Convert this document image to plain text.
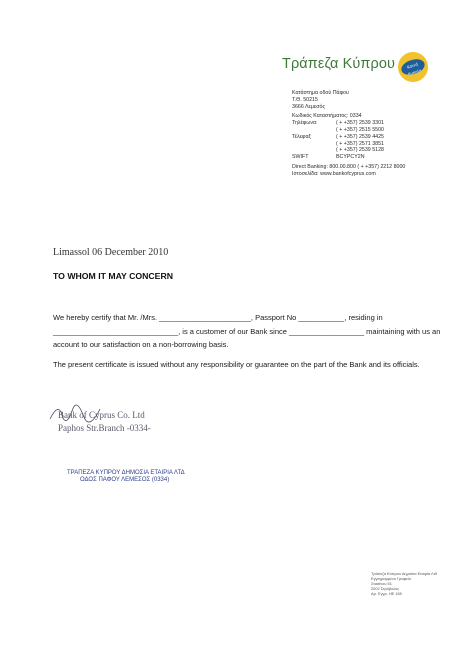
Τράπεζα Κύπρου	Κοινή
Κυπρία
Κατάστημα οδού Πάφου
Τ.Θ. 50215
3666 Λεμεσός
Κωδικός Καταστήματος:
0334
Τηλέφωνα:	( + +357) 2539 3301
( + +357) 2515 5500
Τέλεφαξ	( + +357) 2539 4425
( + +357) 2571 3851
( + +357) 2539 5128
SWIFT	BCYPCY2N
Direct Banking: 800.00.800 ( + +357) 2212 8000
Ιστοσελίδα: www.bankofcyprus.com
Limassol 06 December 2010
TO WHOM IT MAY CONCERN
We hereby certify that Mr. /Mrs. ______________________, Passport No ___________, residing in ______________________________, is a customer of our Bank since __________________ maintaining with us an account to our satisfaction on a non-borrowing basis.
The present certificate is issued without any responsibility or guarantee on the part of the Bank and its officials.
Bank of Cyprus Co. Ltd
Paphos Str.Branch -0334-
ΤΡΑΠΕΖΑ ΚΥΠΡΟΥ ΔΗΜΟΣΙΑ ΕΤΑΙΡΙΑ ΛΤΔ
ΟΔΟΣ ΠΑΦΟΥ ΛΕΜΕΣΟΣ (0334)
Τράπεζα Κύπρου Δημόσια Εταιρία Λτδ
Εγγεγραμμένο Γραφείο
Στασίνου 51
2002 Στρόβολος
Αρ. Εγγρ. ΗΕ 165
